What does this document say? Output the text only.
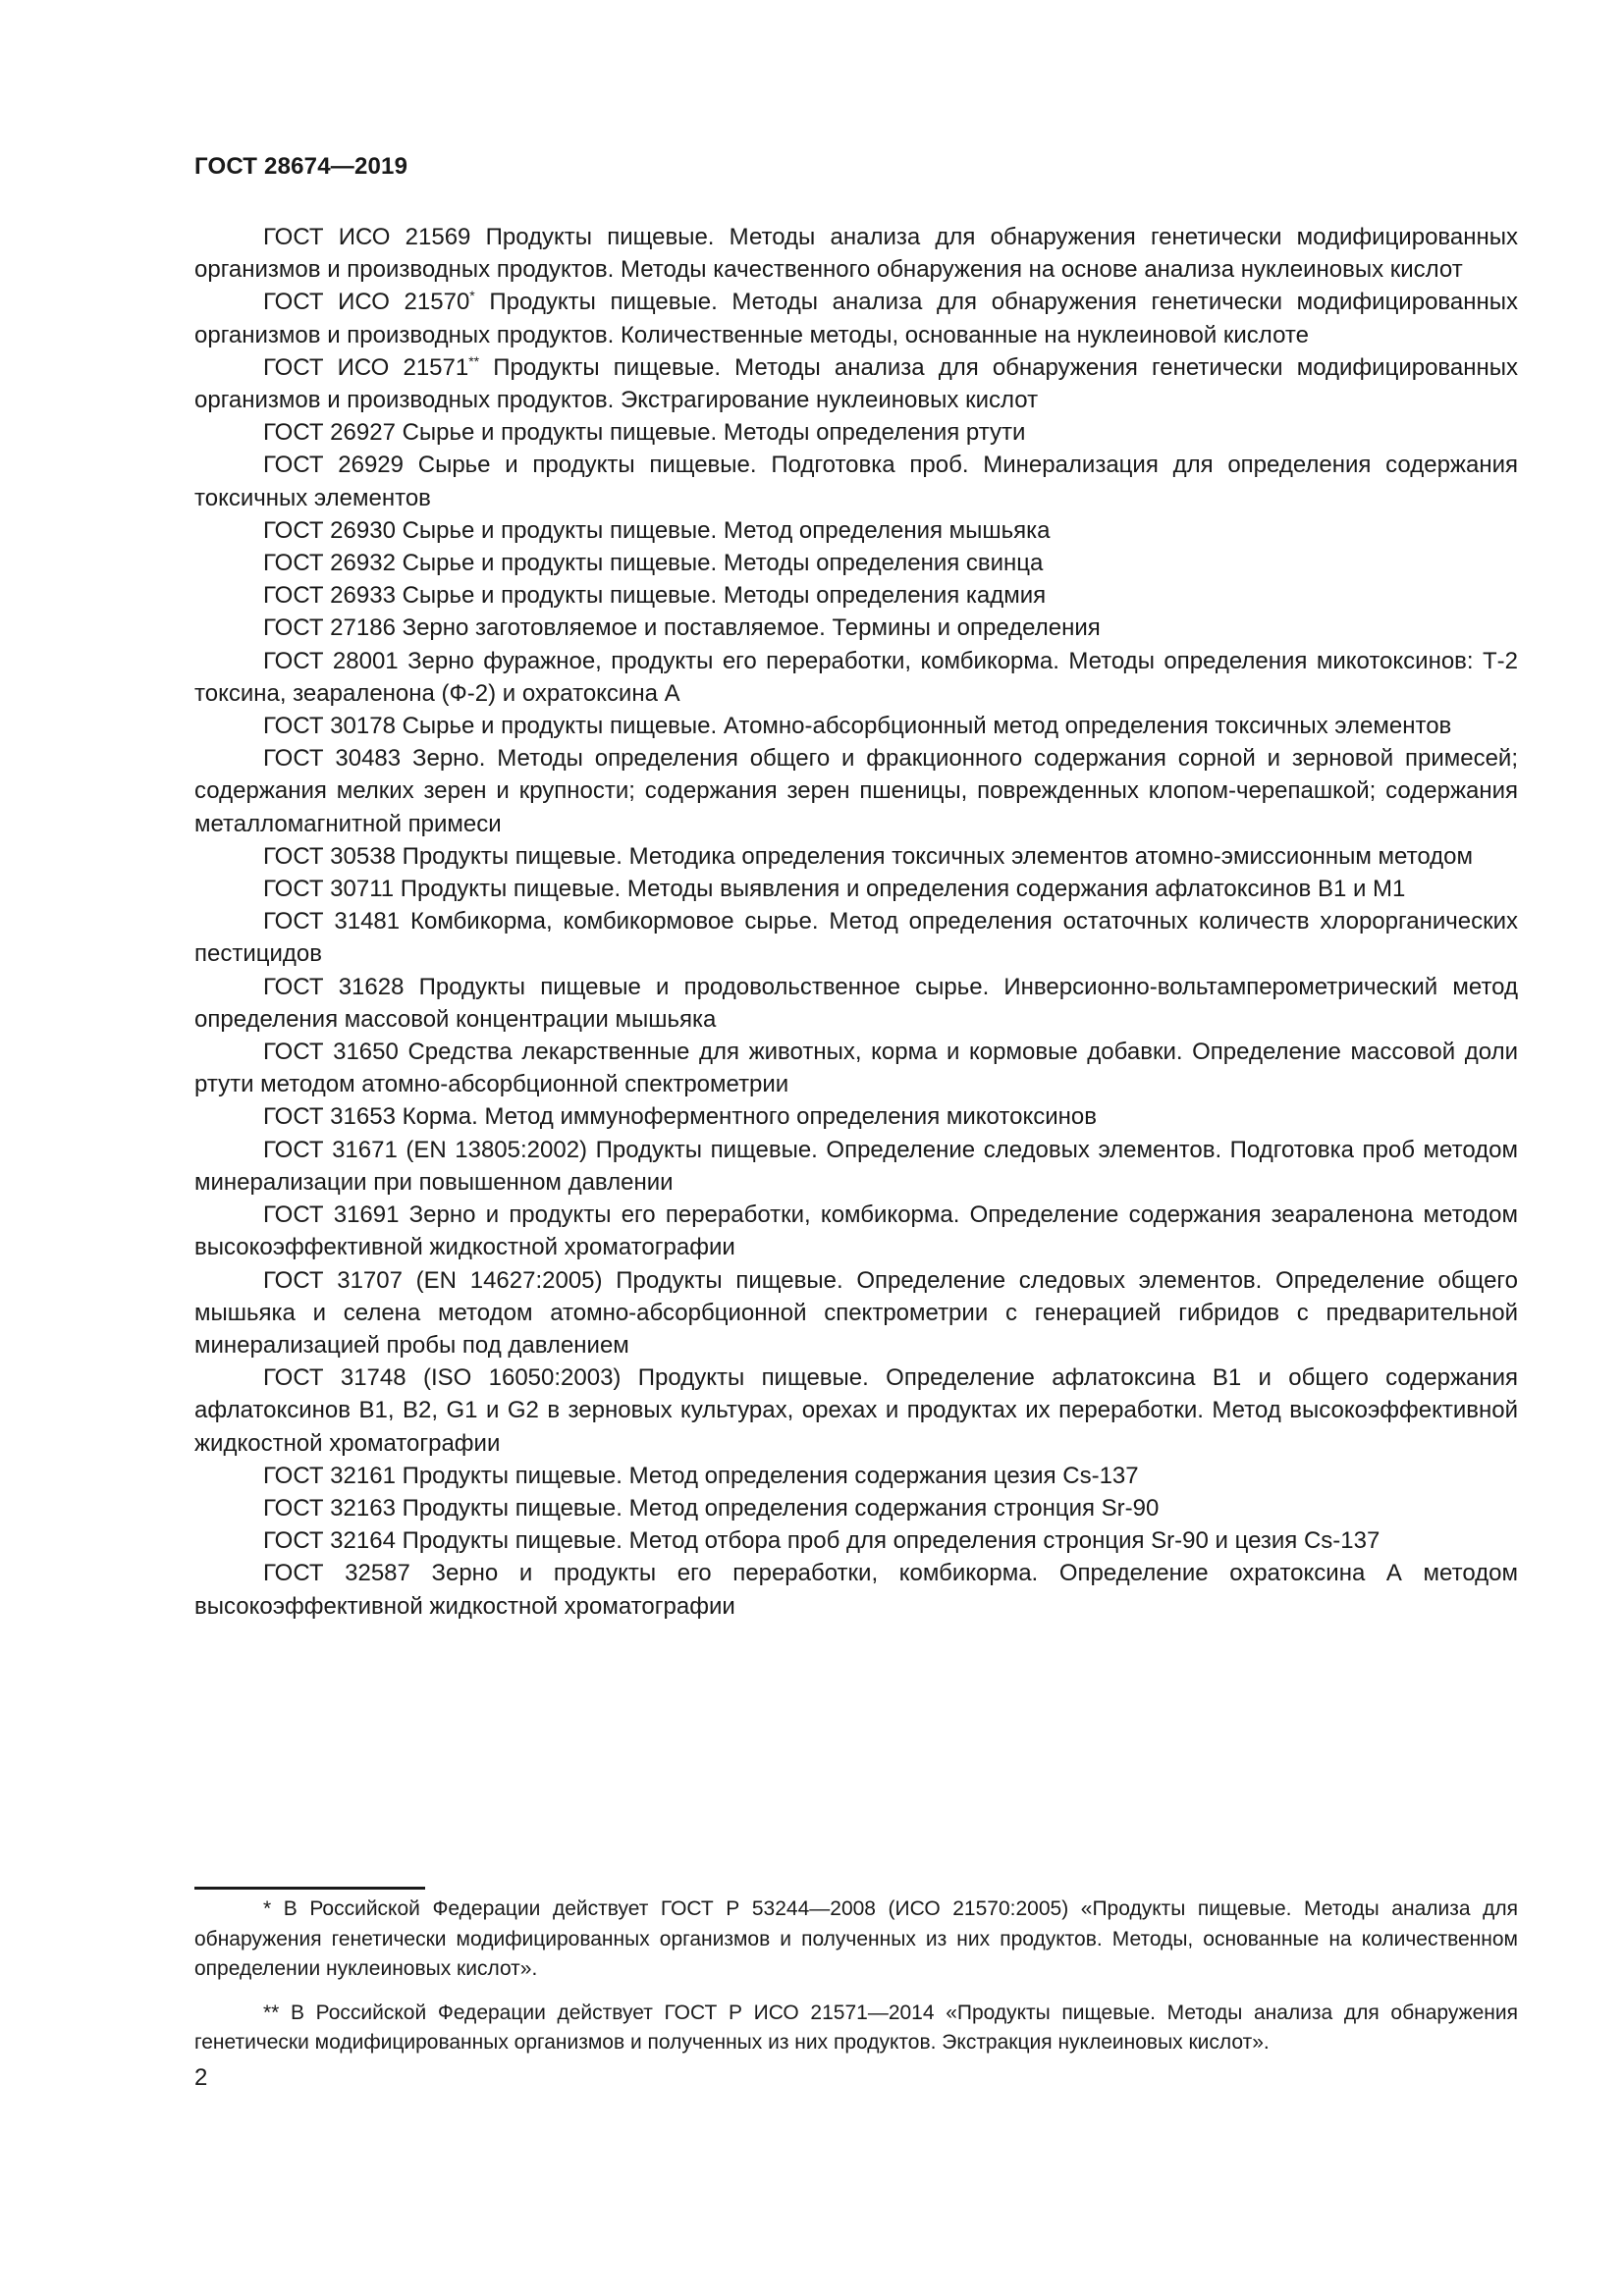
ГОСТ 28674—2019

ГОСТ ИСО 21569 Продукты пищевые. Методы анализа для обнаружения генетически модифицированных организмов и производных продуктов. Методы качественного обнаружения на основе анализа нуклеиновых кислот

ГОСТ ИСО 21570* Продукты пищевые. Методы анализа для обнаружения генетически модифицированных организмов и производных продуктов. Количественные методы, основанные на нуклеиновой кислоте

ГОСТ ИСО 21571** Продукты пищевые. Методы анализа для обнаружения генетически модифицированных организмов и производных продуктов. Экстрагирование нуклеиновых кислот

ГОСТ 26927 Сырье и продукты пищевые. Методы определения ртути

ГОСТ 26929 Сырье и продукты пищевые. Подготовка проб. Минерализация для определения содержания токсичных элементов

ГОСТ 26930 Сырье и продукты пищевые. Метод определения мышьяка

ГОСТ 26932 Сырье и продукты пищевые. Методы определения свинца

ГОСТ 26933 Сырье и продукты пищевые. Методы определения кадмия

ГОСТ 27186 Зерно заготовляемое и поставляемое. Термины и определения

ГОСТ 28001 Зерно фуражное, продукты его переработки, комбикорма. Методы определения микотоксинов: Т-2 токсина, зеараленона (Ф-2) и охратоксина А

ГОСТ 30178 Сырье и продукты пищевые. Атомно-абсорбционный метод определения токсичных элементов

ГОСТ 30483 Зерно. Методы определения общего и фракционного содержания сорной и зерновой примесей; содержания мелких зерен и крупности; содержания зерен пшеницы, поврежденных клопом-черепашкой; содержания металломагнитной примеси

ГОСТ 30538 Продукты пищевые. Методика определения токсичных элементов атомно-эмиссионным методом

ГОСТ 30711 Продукты пищевые. Методы выявления и определения содержания афлатоксинов В1 и М1

ГОСТ 31481 Комбикорма, комбикормовое сырье. Метод определения остаточных количеств хлорорганических пестицидов

ГОСТ 31628 Продукты пищевые и продовольственное сырье. Инверсионно-вольтамперометрический метод определения массовой концентрации мышьяка

ГОСТ 31650 Средства лекарственные для животных, корма и кормовые добавки. Определение массовой доли ртути методом атомно-абсорбционной спектрометрии

ГОСТ 31653 Корма. Метод иммуноферментного определения микотоксинов

ГОСТ 31671 (EN 13805:2002) Продукты пищевые. Определение следовых элементов. Подготовка проб методом минерализации при повышенном давлении

ГОСТ 31691 Зерно и продукты его переработки, комбикорма. Определение содержания зеараленона методом высокоэффективной жидкостной хроматографии

ГОСТ 31707 (EN 14627:2005) Продукты пищевые. Определение следовых элементов. Определение общего мышьяка и селена методом атомно-абсорбционной спектрометрии с генерацией гибридов с предварительной минерализацией пробы под давлением

ГОСТ 31748 (ISO 16050:2003) Продукты пищевые. Определение афлатоксина В1 и общего содержания афлатоксинов В1, В2, G1 и G2 в зерновых культурах, орехах и продуктах их переработки. Метод высокоэффективной жидкостной хроматографии

ГОСТ 32161 Продукты пищевые. Метод определения содержания цезия Cs-137

ГОСТ 32163 Продукты пищевые. Метод определения содержания стронция Sr-90

ГОСТ 32164 Продукты пищевые. Метод отбора проб для определения стронция Sr-90 и цезия Cs-137

ГОСТ 32587 Зерно и продукты его переработки, комбикорма. Определение охратоксина А методом высокоэффективной жидкостной хроматографии

* В Российской Федерации действует ГОСТ Р 53244—2008 (ИСО 21570:2005) «Продукты пищевые. Методы анализа для обнаружения генетически модифицированных организмов и полученных из них продуктов. Методы, основанные на количественном определении нуклеиновых кислот».

** В Российской Федерации действует ГОСТ Р ИСО 21571—2014 «Продукты пищевые. Методы анализа для обнаружения генетически модифицированных организмов и полученных из них продуктов. Экстракция нуклеиновых кислот».

2
